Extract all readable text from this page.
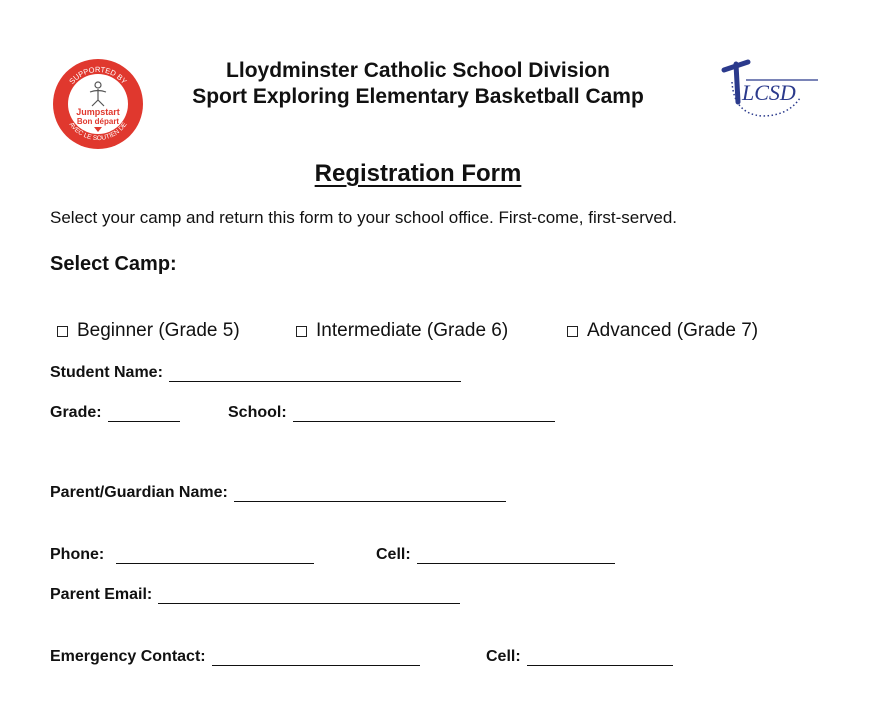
SUPPORTED BY
AVEC LE SOUTIEN DE
Jumpstart
Bon départ
Lloydminster Catholic School Division
Sport Exploring Elementary Basketball Camp	LCSD
Registration Form
Select your camp and return this form to your school office. First-come, first-served.
Select Camp:
Beginner (Grade 5)	Intermediate (Grade 6)	Advanced (Grade 7)
Student Name:
Grade:	School:
Parent/Guardian Name:
Phone:	Cell:
Parent Email:
Emergency Contact:	Cell:
